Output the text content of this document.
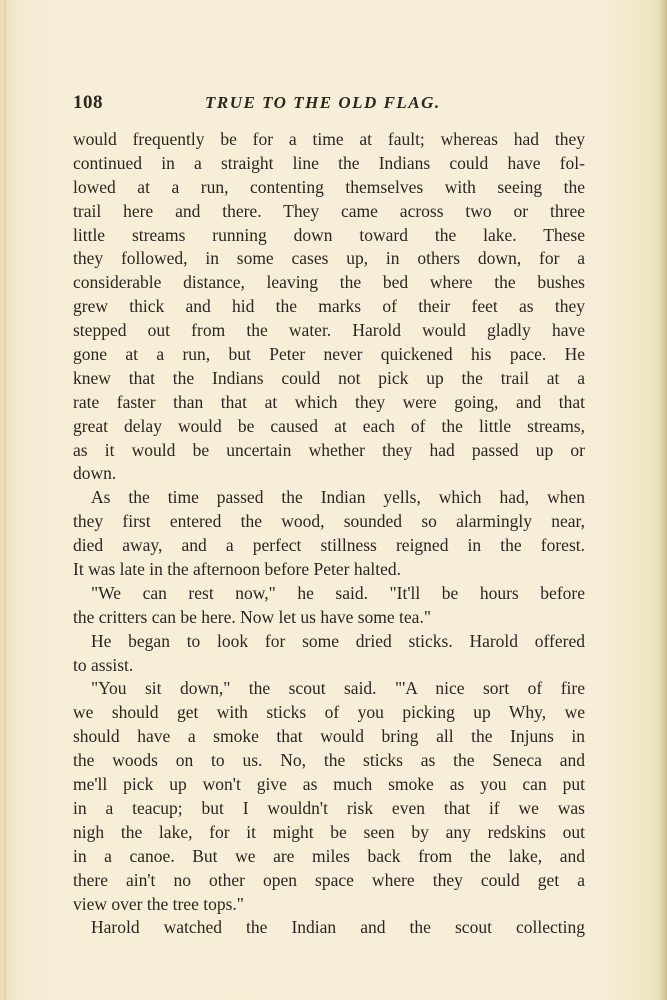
108	TRUE TO THE OLD FLAG.
would frequently be for a time at fault; whereas had they
continued in a straight line the Indians could have fol-
lowed at a run, contenting themselves with seeing the
trail here and there. They came across two or three
little streams running down toward the lake. These
they followed, in some cases up, in others down, for a
considerable distance, leaving the bed where the bushes
grew thick and hid the marks of their feet as they
stepped out from the water. Harold would gladly have
gone at a run, but Peter never quickened his pace. He
knew that the Indians could not pick up the trail at a
rate faster than that at which they were going, and that
great delay would be caused at each of the little streams,
as it would be uncertain whether they had passed up or
down.
As the time passed the Indian yells, which had, when
they first entered the wood, sounded so alarmingly near,
died away, and a perfect stillness reigned in the forest.
It was late in the afternoon before Peter halted.
"We can rest now," he said. "It'll be hours before
the critters can be here. Now let us have some tea."
He began to look for some dried sticks. Harold offered
to assist.
"You sit down," the scout said. "'A nice sort of fire
we should get with sticks of you picking up Why, we
should have a smoke that would bring all the Injuns in
the woods on to us. No, the sticks as the Seneca and
me'll pick up won't give as much smoke as you can put
in a teacup; but I wouldn't risk even that if we was
nigh the lake, for it might be seen by any redskins out
in a canoe. But we are miles back from the lake, and
there ain't no other open space where they could get a
view over the tree tops."
Harold watched the Indian and the scout collecting
